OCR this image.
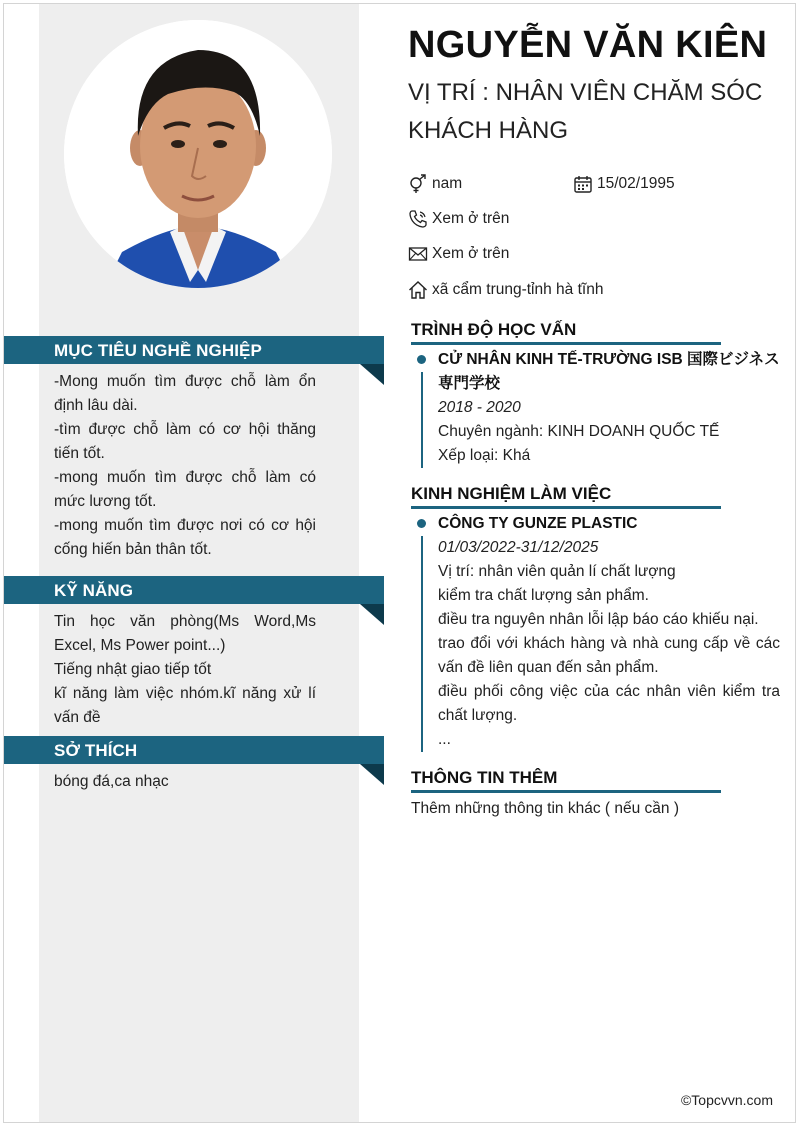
MỤC TIÊU NGHỀ NGHIỆP
-Mong muốn tìm được chỗ làm ổn định lâu dài.
-tìm được chỗ làm có cơ hội thăng tiến tốt.
-mong muốn tìm được chỗ làm có mức lương tốt.
-mong muốn tìm được nơi có cơ hội cống hiến bản thân tốt.
KỸ NĂNG
Tin học văn phòng(Ms Word,Ms Excel, Ms Power point...)
Tiếng nhật giao tiếp tốt
kĩ năng làm việc nhóm.kĩ năng xử lí vấn đề
SỞ THÍCH
bóng đá,ca nhạc
NGUYỄN VĂN KIÊN
VỊ TRÍ : NHÂN VIÊN CHĂM SÓC KHÁCH HÀNG
nam	15/02/1995
Xem ở trên
Xem ở trên
xã cẩm trung-tỉnh hà tĩnh
TRÌNH ĐỘ HỌC VẤN
CỬ NHÂN KINH TẾ-TRƯỜNG ISB 国際ビジネス専門学校
2018 - 2020
Chuyên ngành: KINH DOANH QUỐC TẾ
Xếp loại: Khá
KINH NGHIỆM LÀM VIỆC
CÔNG TY GUNZE PLASTIC
01/03/2022-31/12/2025
Vị trí: nhân viên quản lí chất lượng
kiểm tra chất lượng sản phẩm.
điều tra nguyên nhân lỗi lập báo cáo khiếu nại.
trao đổi với khách hàng và nhà cung cấp về các vấn đề liên quan đến sản phẩm.
điều phối công việc của các nhân viên kiểm tra chất lượng.
...
THÔNG TIN THÊM
Thêm những thông tin khác ( nếu cần )
©Topcvvn.com
